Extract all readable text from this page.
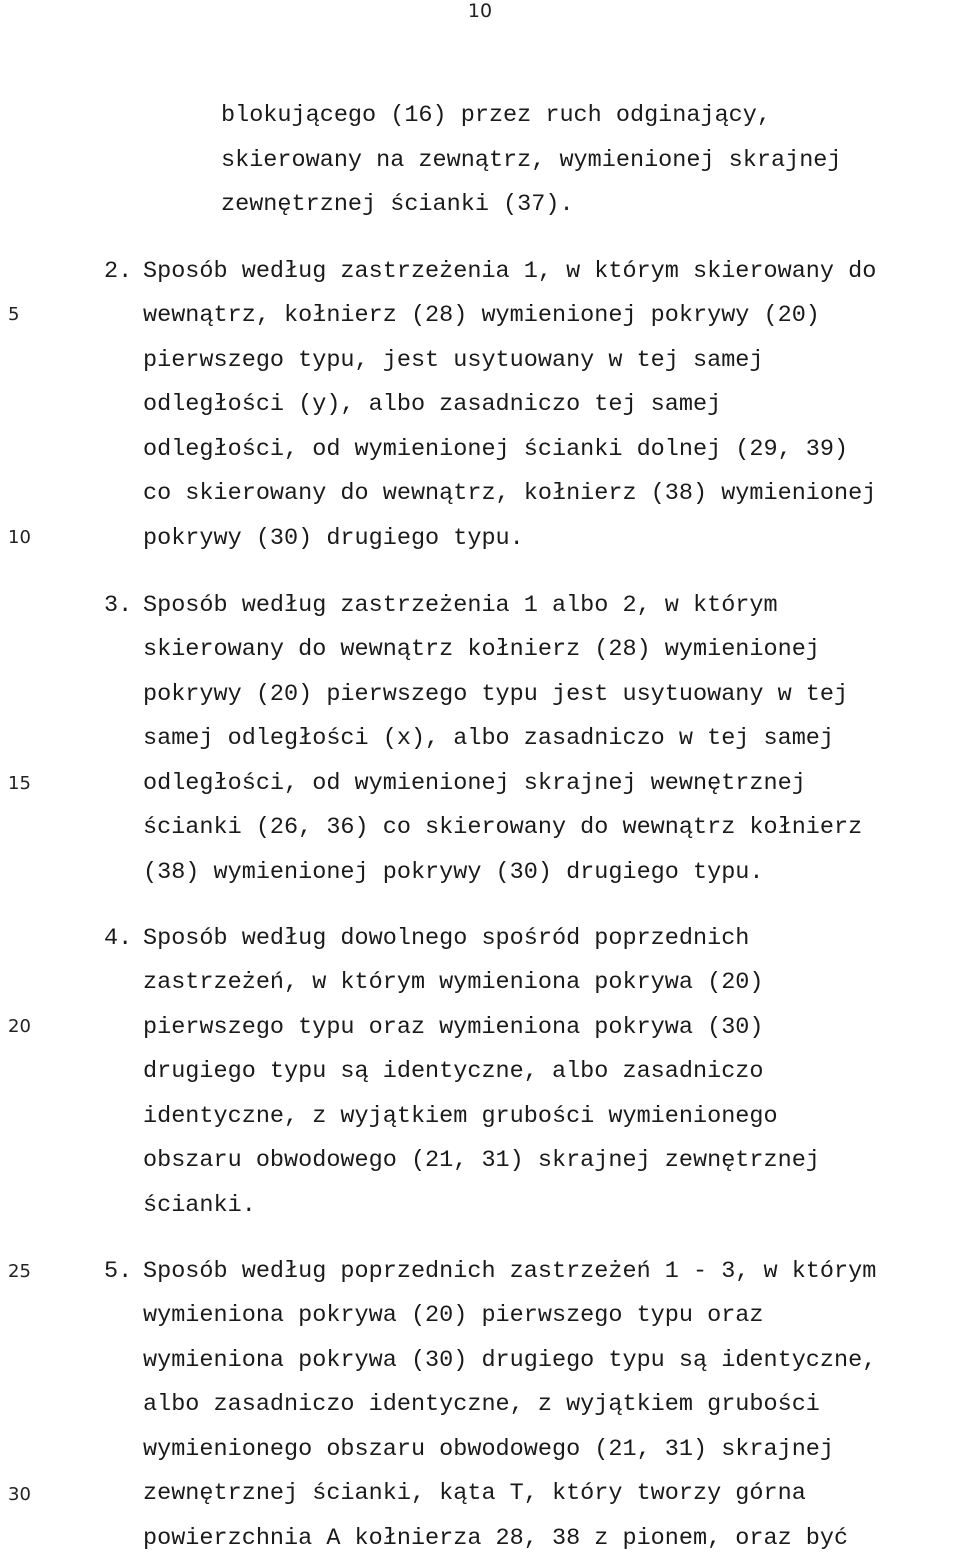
10
5
10
15
20
25
30
blokującego (16) przez ruch odginający,
skierowany na zewnątrz, wymienionej skrajnej
zewnętrznej ścianki (37).
2. Sposób według zastrzeżenia 1, w którym skierowany do
wewnątrz, kołnierz (28) wymienionej pokrywy (20)
pierwszego typu, jest usytuowany w tej samej
odległości (y), albo zasadniczo tej samej
odległości, od wymienionej ścianki dolnej (29, 39)
co skierowany do wewnątrz, kołnierz (38) wymienionej
pokrywy (30) drugiego typu.
3. Sposób według zastrzeżenia 1 albo 2, w którym
skierowany do wewnątrz kołnierz (28) wymienionej
pokrywy (20) pierwszego typu jest usytuowany w tej
samej odległości (x), albo zasadniczo w tej samej
odległości, od wymienionej skrajnej wewnętrznej
ścianki (26, 36) co skierowany do wewnątrz kołnierz
(38) wymienionej pokrywy (30) drugiego typu.
4. Sposób według dowolnego spośród poprzednich
zastrzeżeń, w którym wymieniona pokrywa (20)
pierwszego typu oraz wymieniona pokrywa (30)
drugiego typu są identyczne, albo zasadniczo
identyczne, z wyjątkiem grubości wymienionego
obszaru obwodowego (21, 31) skrajnej zewnętrznej
ścianki.
5. Sposób według poprzednich zastrzeżeń 1 - 3, w którym
wymieniona pokrywa (20) pierwszego typu oraz
wymieniona pokrywa (30) drugiego typu są identyczne,
albo zasadniczo identyczne, z wyjątkiem grubości
wymienionego obszaru obwodowego (21, 31) skrajnej
zewnętrznej ścianki, kąta T, który tworzy górna
powierzchnia A kołnierza 28, 38 z pionem, oraz być
